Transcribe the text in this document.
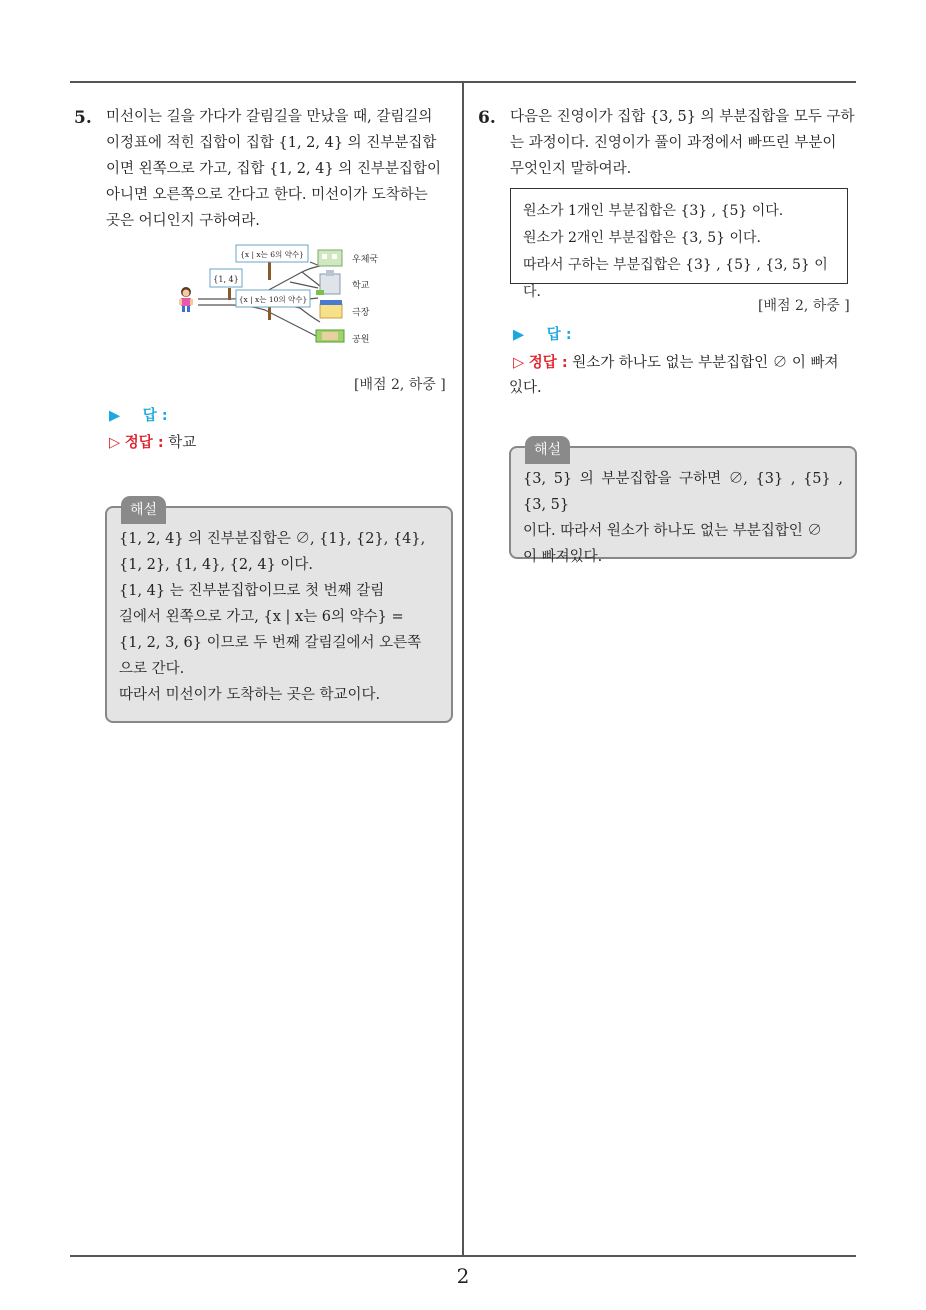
5. 미선이는 길을 가다가 갈림길을 만났을 때, 갈림길의

이정표에 적힌 집합이 집합 {1, 2, 4} 의 진부분집합

이면 왼쪽으로 가고, 집합 {1, 2, 4} 의 진부분집합이

아니면 오른쪽으로 간다고 한다. 미선이가 도착하는

곳은 어디인지 구하여라.

{1, 4}
{x | x는 6의 약수}
{x | x는 10의 약수}
우체국
학교
극장
공원
[배점 2, 하중 ]
▶ 답 :
▷ 정답 : 학교
해설

{1, 2, 4} 의 진부분집합은 ∅, {1}, {2}, {4},

{1, 2}, {1, 4}, {2, 4} 이다.

{1, 4} 는 진부분집합이므로 첫 번째 갈림

길에서 왼쪽으로 가고, {x | x는 6의 약수} =

{1, 2, 3, 6} 이므로 두 번째 갈림길에서 오른쪽

으로 간다.

따라서 미선이가 도착하는 곳은 학교이다.

6. 다음은 진영이가 집합 {3, 5} 의 부분집합을 모두 구하

는 과정이다. 진영이가 풀이 과정에서 빠뜨린 부분이

무엇인지 말하여라.

원소가 1개인 부분집합은 {3} , {5} 이다.

원소가 2개인 부분집합은 {3, 5} 이다.

따라서 구하는 부분집합은 {3} , {5} , {3, 5} 이다.

[배점 2, 하중 ]
▶ 답 :
▷ 정답 : 원소가 하나도 없는 부분집합인 ∅ 이 빠져
있다.
해설

{3, 5} 의 부분집합을 구하면 ∅, {3} , {5} , {3, 5}

이다. 따라서 원소가 하나도 없는 부분집합인 ∅

이 빠져있다.

2
